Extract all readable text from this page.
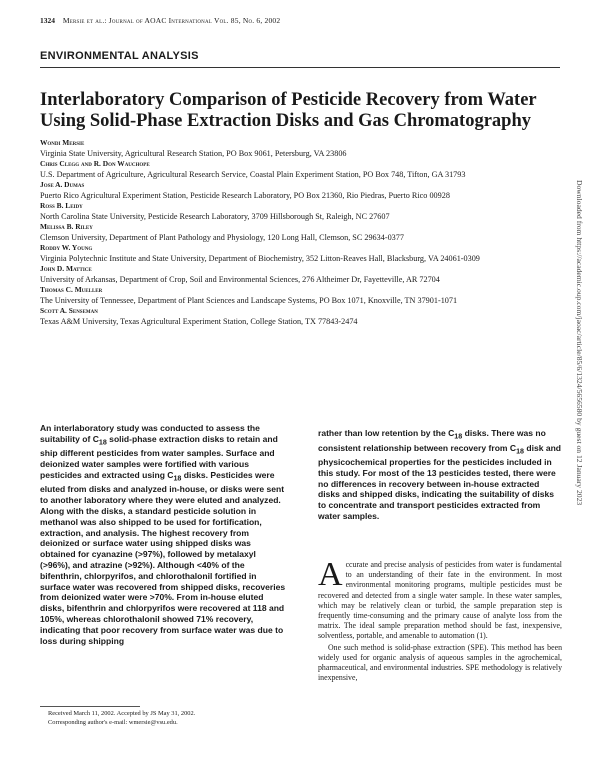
1324 Mersie et al.: Journal of AOAC International Vol. 85, No. 6, 2002
ENVIRONMENTAL ANALYSIS
Interlaboratory Comparison of Pesticide Recovery from Water Using Solid-Phase Extraction Disks and Gas Chromatography
Wondi Mersie
Virginia State University, Agricultural Research Station, PO Box 9061, Petersburg, VA 23806
Chris Clegg and R. Don Wauchope
U.S. Department of Agriculture, Agricultural Research Service, Coastal Plain Experiment Station, PO Box 748, Tifton, GA 31793
Jose A. Dumas
Puerto Rico Agricultural Experiment Station, Pesticide Research Laboratory, PO Box 21360, Rio Piedras, Puerto Rico 00928
Ross B. Leidy
North Carolina State University, Pesticide Research Laboratory, 3709 Hillsborough St, Raleigh, NC 27607
Melissa B. Riley
Clemson University, Department of Plant Pathology and Physiology, 120 Long Hall, Clemson, SC 29634-0377
Roddy W. Young
Virginia Polytechnic Institute and State University, Department of Biochemistry, 352 Litton-Reaves Hall, Blacksburg, VA 24061-0309
John D. Mattice
University of Arkansas, Department of Crop, Soil and Environmental Sciences, 276 Altheimer Dr, Fayetteville, AR 72704
Thomas C. Mueller
The University of Tennessee, Department of Plant Sciences and Landscape Systems, PO Box 1071, Knoxville, TN 37901-1071
Scott A. Senseman
Texas A&M University, Texas Agricultural Experiment Station, College Station, TX 77843-2474	Downloaded from https://academic.oup.com/jaoac/article/85/6/1324/5656580 by guest on 12 January 2023
An interlaboratory study was conducted to assess the suitability of $C_{18}$ solid-phase extraction disks to retain and ship different pesticides from water samples. Surface and deionized water samples were fortified with various pesticides and extracted using $C_{18}$ disks. Pesticides were eluted from disks and analyzed in-house, or disks were sent to another laboratory where they were eluted and analyzed. Along with the disks, a standard pesticide solution in methanol was also shipped to be used for fortification, extraction, and analysis. The highest recovery from deionized or surface water using shipped disks was obtained for cyanazine (>97%), followed by metalaxyl (>96%), and atrazine (>92%). Although <40% of the bifenthrin, chlorpyrifos, and chlorothalonil fortified in surface water was recovered from shipped disks, recoveries from deionized water were >70%. From in-house eluted disks, bifenthrin and chlorpyrifos were recovered at 118 and 105%, whereas chlorothalonil showed 71% recovery, indicating that poor recovery from surface water was due to loss during shipping
rather than low retention by the $C_{18}$ disks. There was no consistent relationship between recovery from $C_{18}$ disk and physicochemical properties for the pesticides included in this study. For most of the 13 pesticides tested, there were no differences in recovery between in-house extracted disks and shipped disks, indicating the suitability of disks to concentrate and transport pesticides extracted from water samples.

Accurate and precise analysis of pesticides from water is fundamental to an understanding of their fate in the environment. In most environmental monitoring programs, multiple pesticides must be recovered and detected from a single water sample. In these water samples, which may be relatively clean or turbid, the sample preparation step is frequently time-consuming and the primary cause of analyte loss from the matrix. The ideal sample preparation method should be fast, inexpensive, solventless, portable, and amenable to automation (1).

One such method is solid-phase extraction (SPE). This method has been widely used for organic analysis of aqueous samples in the agrochemical, pharmaceutical, and environmental industries. SPE methodology is relatively inexpensive,

Received March 11, 2002. Accepted by JS May 31, 2002.
Corresponding author's e-mail: wmersie@vsu.edu.
